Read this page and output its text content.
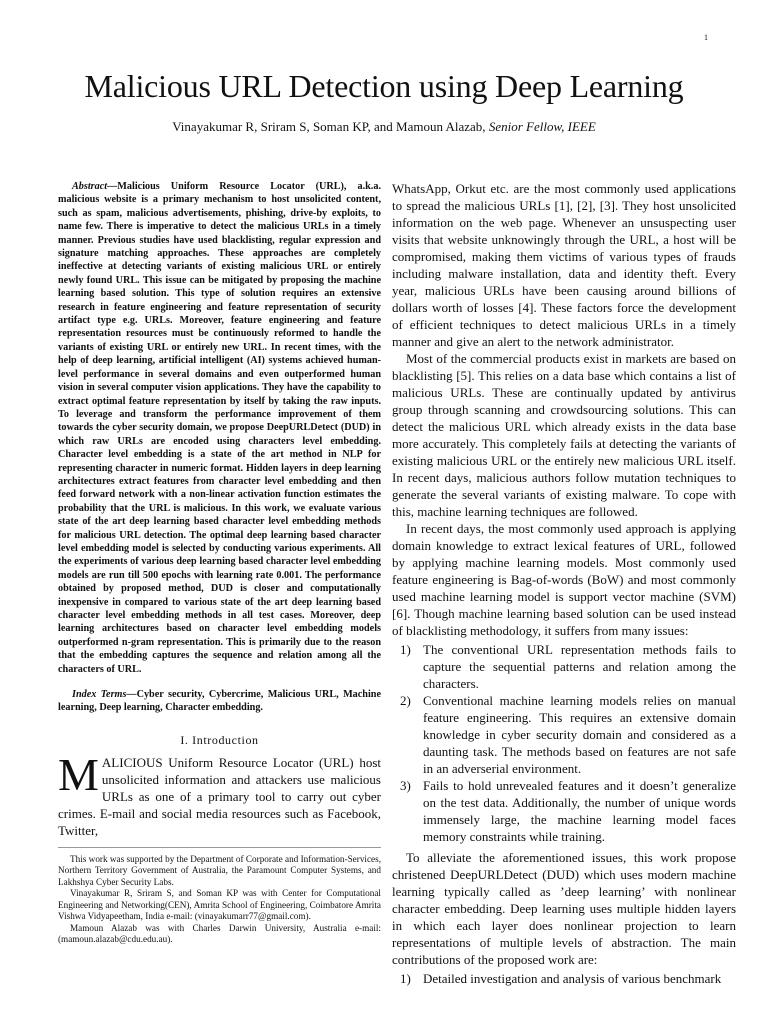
1
Malicious URL Detection using Deep Learning
Vinayakumar R, Sriram S, Soman KP, and Mamoun Alazab, Senior Fellow, IEEE

Abstract—Malicious Uniform Resource Locator (URL), a.k.a. malicious website is a primary mechanism to host unsolicited content, such as spam, malicious advertisements, phishing, drive-by exploits, to name few. There is imperative to detect the malicious URLs in a timely manner. Previous studies have used blacklisting, regular expression and signature matching approaches. These approaches are completely ineffective at detecting variants of existing malicious URL or entirely newly found URL. This issue can be mitigated by proposing the machine learning based solution. This type of solution requires an extensive research in feature engineering and feature representation of security artifact type e.g. URLs. Moreover, feature engineering and feature representation resources must be continuously reformed to handle the variants of existing URL or entirely new URL. In recent times, with the help of deep learning, artificial intelligent (AI) systems achieved human-level performance in several domains and even outperformed human vision in several computer vision applications. They have the capability to extract optimal feature representation by itself by taking the raw inputs. To leverage and transform the performance improvement of them towards the cyber security domain, we propose DeepURLDetect (DUD) in which raw URLs are encoded using characters level embedding. Character level embedding is a state of the art method in NLP for representing character in numeric format. Hidden layers in deep learning architectures extract features from character level embedding and then feed forward network with a non-linear activation function estimates the probability that the URL is malicious. In this work, we evaluate various state of the art deep learning based character level embedding methods for malicious URL detection. The optimal deep learning based character level embedding model is selected by conducting various experiments. All the experiments of various deep learning based character level embedding models are run till 500 epochs with learning rate 0.001. The performance obtained by proposed method, DUD is closer and computationally inexpensive in compared to various state of the art deep learning based character level embedding methods in all test cases. Moreover, deep learning architectures based on character level embedding models outperformed n-gram representation. This is primarily due to the reason that the embedding captures the sequence and relation among all the characters of URL.

Index Terms—Cyber security, Cybercrime, Malicious URL, Machine learning, Deep learning, Character embedding.

I. Introduction

MALICIOUS Uniform Resource Locator (URL) host unsolicited information and attackers use malicious URLs as one of a primary tool to carry out cyber crimes. E-mail and social media resources such as Facebook, Twitter,

This work was supported by the Department of Corporate and Information-Services, Northern Territory Government of Australia, the Paramount Computer Systems, and Lakhshya Cyber Security Labs.

Vinayakumar R, Sriram S, and Soman KP was with Center for Computational Engineering and Networking(CEN), Amrita School of Engineering, Coimbatore Amrita Vishwa Vidyapeetham, India e-mail: (vinayakumarr77@gmail.com).

Mamoun Alazab was with Charles Darwin University, Australia e-mail: (mamoun.alazab@cdu.edu.au).

WhatsApp, Orkut etc. are the most commonly used applications to spread the malicious URLs [1], [2], [3]. They host unsolicited information on the web page. Whenever an unsuspecting user visits that website unknowingly through the URL, a host will be compromised, making them victims of various types of frauds including malware installation, data and identity theft. Every year, malicious URLs have been causing around billions of dollars worth of losses [4]. These factors force the development of efficient techniques to detect malicious URLs in a timely manner and give an alert to the network administrator.

Most of the commercial products exist in markets are based on blacklisting [5]. This relies on a data base which contains a list of malicious URLs. These are continually updated by antivirus group through scanning and crowdsourcing solutions. This can detect the malicious URL which already exists in the data base more accurately. This completely fails at detecting the variants of existing malicious URL or the entirely new malicious URL itself. In recent days, malicious authors follow mutation techniques to generate the several variants of existing malware. To cope with this, machine learning techniques are followed.

In recent days, the most commonly used approach is applying domain knowledge to extract lexical features of URL, followed by applying machine learning models. Most commonly used feature engineering is Bag-of-words (BoW) and most commonly used machine learning model is support vector machine (SVM) [6]. Though machine learning based solution can be used instead of blacklisting methodology, it suffers from many issues:

1) The conventional URL representation methods fails to capture the sequential patterns and relation among the characters.
2) Conventional machine learning models relies on manual feature engineering. This requires an extensive domain knowledge in cyber security domain and considered as a daunting task. The methods based on features are not safe in an adverserial environment.
3) Fails to hold unrevealed features and it doesn’t generalize on the test data. Additionally, the number of unique words immensely large, the machine learning model faces memory constraints while training.

To alleviate the aforementioned issues, this work propose christened DeepURLDetect (DUD) which uses modern machine learning typically called as ’deep learning’ with nonlinear character embedding. Deep learning uses multiple hidden layers in which each layer does nonlinear projection to learn representations of multiple levels of abstraction. The main contributions of the proposed work are:

1) Detailed investigation and analysis of various benchmark
